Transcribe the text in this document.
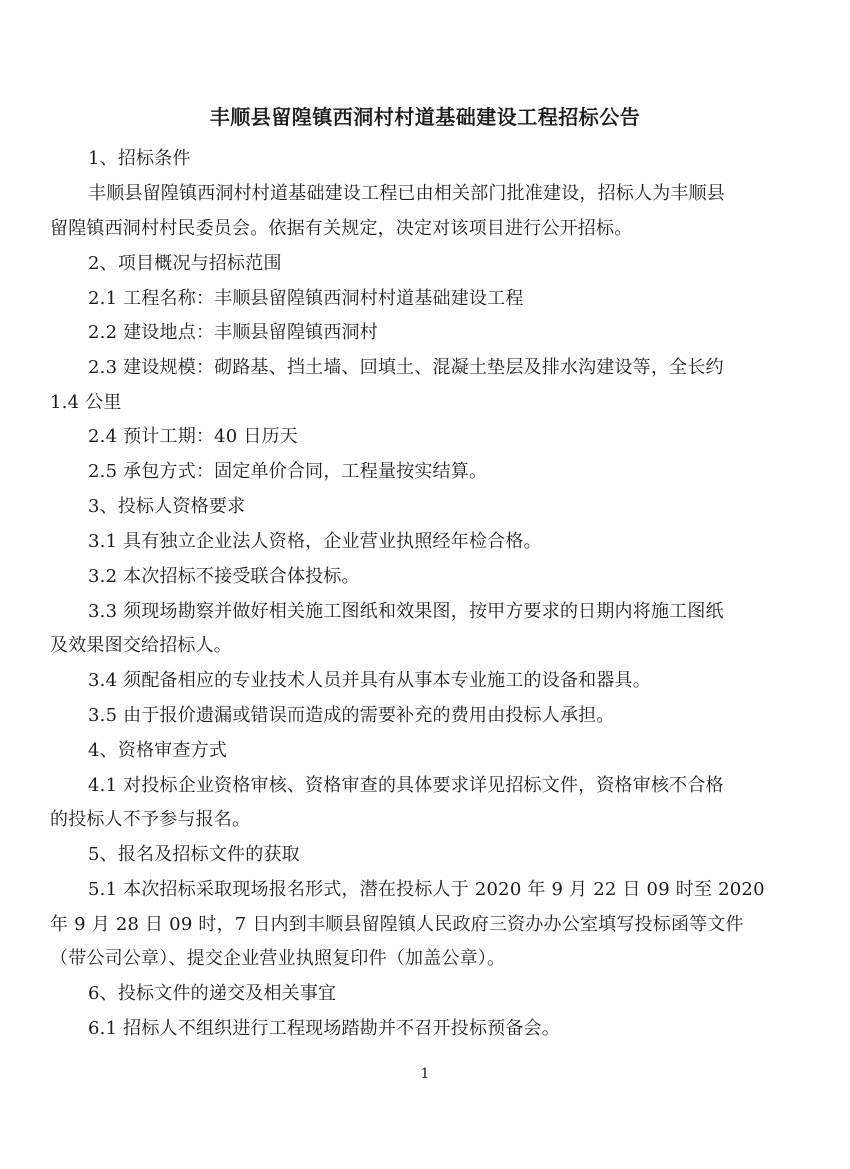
丰顺县留隍镇西洞村村道基础建设工程招标公告
1、招标条件
丰顺县留隍镇西洞村村道基础建设工程已由相关部门批准建设，招标人为丰顺县
留隍镇西洞村村民委员会。依据有关规定，决定对该项目进行公开招标。
2、项目概况与招标范围
2.1 工程名称：丰顺县留隍镇西洞村村道基础建设工程
2.2 建设地点：丰顺县留隍镇西洞村
2.3 建设规模：砌路基、挡土墙、回填土、混凝土垫层及排水沟建设等，全长约
1.4 公里
2.4 预计工期：40 日历天
2.5 承包方式：固定单价合同，工程量按实结算。
3、投标人资格要求
3.1 具有独立企业法人资格，企业营业执照经年检合格。
3.2 本次招标不接受联合体投标。
3.3 须现场勘察并做好相关施工图纸和效果图，按甲方要求的日期内将施工图纸
及效果图交给招标人。
3.4 须配备相应的专业技术人员并具有从事本专业施工的设备和器具。
3.5 由于报价遗漏或错误而造成的需要补充的费用由投标人承担。
4、资格审查方式
4.1 对投标企业资格审核、资格审查的具体要求详见招标文件，资格审核不合格
的投标人不予参与报名。
5、报名及招标文件的获取
5.1 本次招标采取现场报名形式，潜在投标人于 2020 年 9 月 22 日 09 时至 2020
年 9 月 28 日 09 时，7 日内到丰顺县留隍镇人民政府三资办办公室填写投标函等文件
（带公司公章）、提交企业营业执照复印件（加盖公章）。
6、投标文件的递交及相关事宜
6.1 招标人不组织进行工程现场踏勘并不召开投标预备会。
1
